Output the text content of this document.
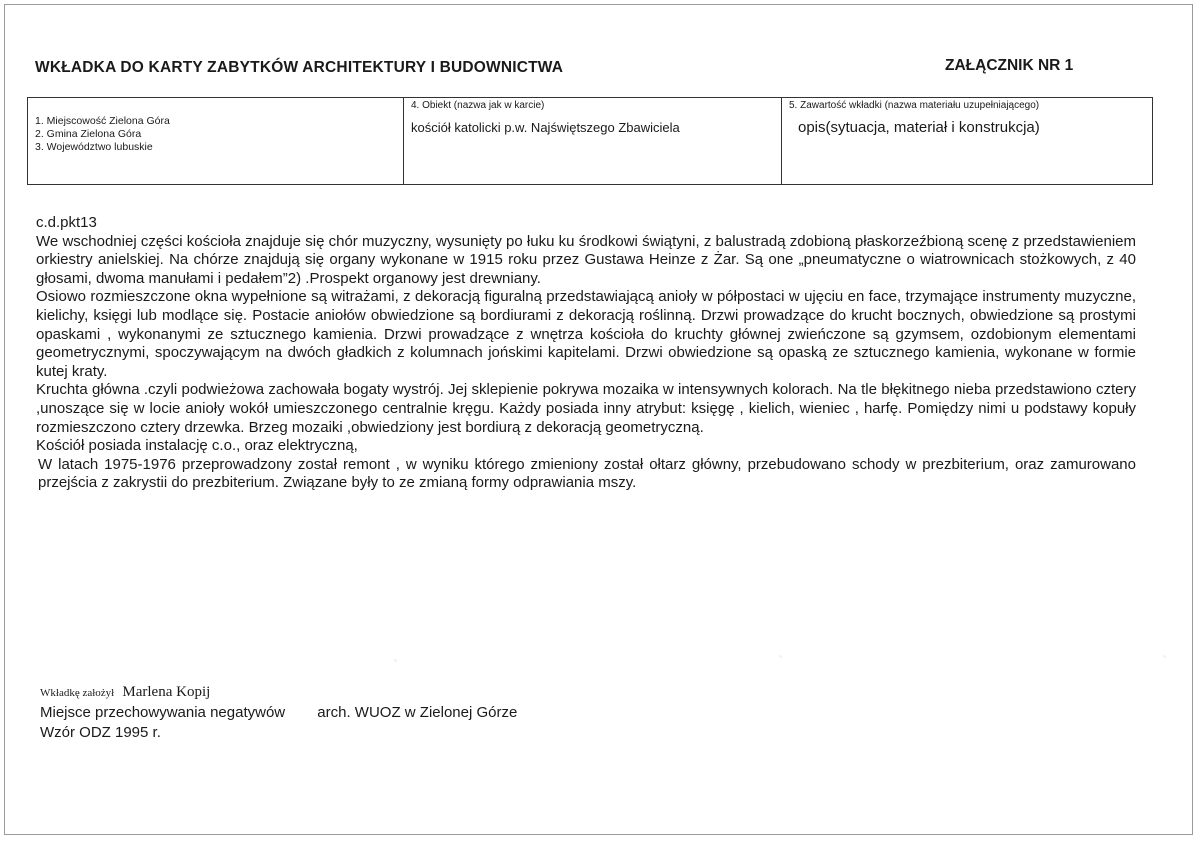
WKŁADKA DO KARTY ZABYTKÓW ARCHITEKTURY I BUDOWNICTWA	ZAŁĄCZNIK NR 1
1. Miejscowość Zielona Góra
2. Gmina Zielona Góra
3. Województwo lubuskie
4. Obiekt (nazwa jak w karcie)
kościół katolicki p.w. Najświętszego Zbawiciela
5. Zawartość wkładki (nazwa materiału uzupełniającego)
opis(sytuacja, materiał i konstrukcja)

c.d.pkt13

We wschodniej części kościoła znajduje się chór muzyczny, wysunięty po łuku ku środkowi świątyni, z balustradą zdobioną płaskorzeźbioną scenę z przedstawieniem orkiestry anielskiej. Na chórze znajdują się organy wykonane w 1915 roku przez Gustawa Heinze z Żar. Są one „pneumatyczne o wiatrownicach stożkowych, z 40 głosami, dwoma manułami i pedałem”2) .Prospekt organowy jest drewniany.

Osiowo rozmieszczone okna wypełnione są witrażami, z dekoracją figuralną przedstawiającą anioły w półpostaci w ujęciu en face, trzymające instrumenty muzyczne, kielichy, księgi lub modlące się. Postacie aniołów obwiedzione są bordiurami z dekoracją roślinną. Drzwi prowadzące do krucht bocznych, obwiedzione są prostymi opaskami , wykonanymi ze sztucznego kamienia. Drzwi prowadzące z wnętrza kościoła do kruchty głównej zwieńczone są gzymsem, ozdobionym elementami geometrycznymi, spoczywającym na dwóch gładkich z kolumnach jońskimi kapitelami. Drzwi obwiedzione są opaską ze sztucznego kamienia, wykonane w formie kutej kraty.

Kruchta główna .czyli podwieżowa zachowała bogaty wystrój. Jej sklepienie pokrywa mozaika w intensywnych kolorach. Na tle błękitnego nieba przedstawiono cztery ,unoszące się w locie anioły wokół umieszczonego centralnie kręgu. Każdy posiada inny atrybut: księgę , kielich, wieniec , harfę. Pomiędzy nimi u podstawy kopuły rozmieszczono cztery drzewka. Brzeg mozaiki ,obwiedziony jest bordiurą z dekoracją geometryczną.

Kościół posiada instalację c.o., oraz elektryczną,

W latach 1975-1976 przeprowadzony został remont , w wyniku którego zmieniony został ołtarz główny, przebudowano schody w prezbiterium, oraz zamurowano przejścia z zakrystii do prezbiterium. Związane były to ze zmianą formy odprawiania mszy.

Wkładkę założył Marlena Kopij
Miejsce przechowywania negatywów arch. WUOZ w Zielonej Górze
Wzór ODZ 1995 r.
◦	◦	◦
